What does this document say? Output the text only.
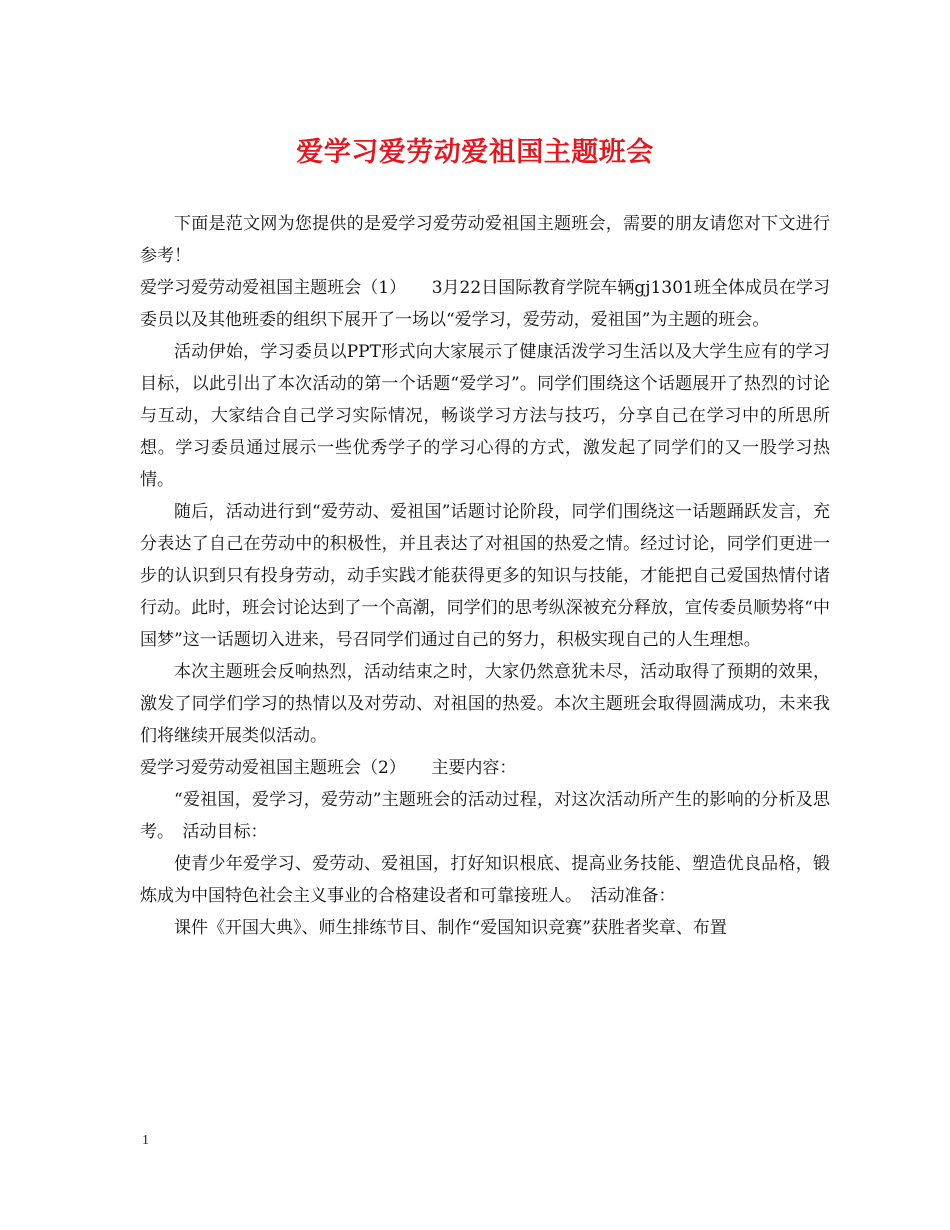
爱学习爱劳动爱祖国主题班会

下面是范文网为您提供的是爱学习爱劳动爱祖国主题班会，需要的朋友请您对下文进行参考！

爱学习爱劳动爱祖国主题班会（1）　　3月22日国际教育学院车辆gj1301班全体成员在学习委员以及其他班委的组织下展开了一场以“爱学习，爱劳动，爱祖国”为主题的班会。

活动伊始，学习委员以PPT形式向大家展示了健康活泼学习生活以及大学生应有的学习目标，以此引出了本次活动的第一个话题“爱学习”。同学们围绕这个话题展开了热烈的讨论与互动，大家结合自己学习实际情况，畅谈学习方法与技巧，分享自己在学习中的所思所想。学习委员通过展示一些优秀学子的学习心得的方式，激发起了同学们的又一股学习热情。

随后，活动进行到“爱劳动、爱祖国”话题讨论阶段，同学们围绕这一话题踊跃发言，充分表达了自己在劳动中的积极性，并且表达了对祖国的热爱之情。经过讨论，同学们更进一步的认识到只有投身劳动，动手实践才能获得更多的知识与技能，才能把自己爱国热情付诸行动。此时，班会讨论达到了一个高潮，同学们的思考纵深被充分释放，宣传委员顺势将“中国梦”这一话题切入进来，号召同学们通过自己的努力，积极实现自己的人生理想。

本次主题班会反响热烈，活动结束之时，大家仍然意犹未尽，活动取得了预期的效果，激发了同学们学习的热情以及对劳动、对祖国的热爱。本次主题班会取得圆满成功，未来我们将继续开展类似活动。

爱学习爱劳动爱祖国主题班会（2）　　主要内容：

“爱祖国，爱学习，爱劳动”主题班会的活动过程，对这次活动所产生的影响的分析及思考。　活动目标：

使青少年爱学习、爱劳动、爱祖国，打好知识根底、提高业务技能、塑造优良品格，锻炼成为中国特色社会主义事业的合格建设者和可靠接班人。　活动准备：

课件《开国大典》、师生排练节目、制作“爱国知识竞赛”获胜者奖章、布置

1
